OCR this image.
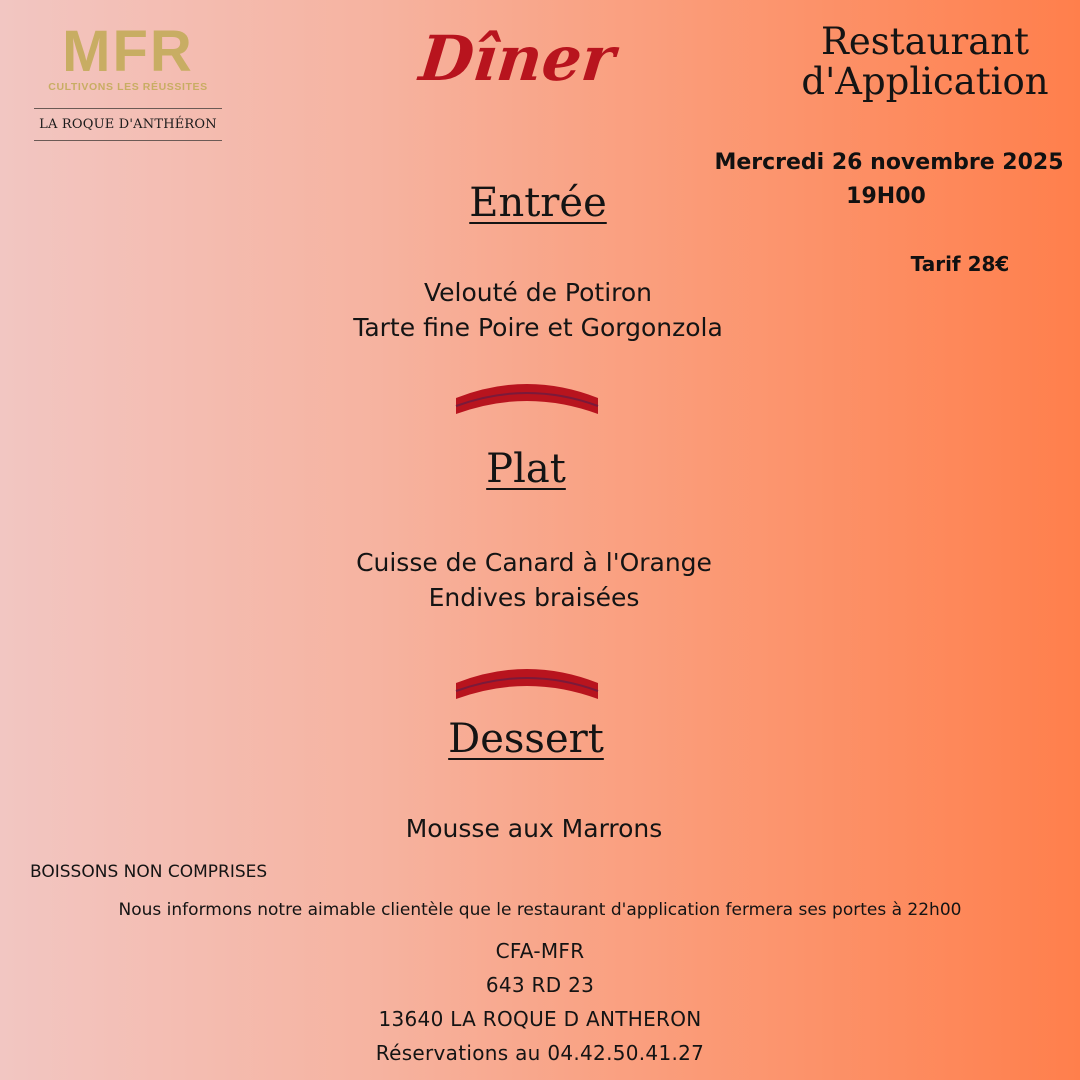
MFR
CULTIVONS LES RÉUSSITES
LA ROQUE D'ANTHÉRON
Dîner	Restaurant
d'Application
Mercredi 26 novembre 2025
19H00
Tarif 28€
Entrée
Velouté de Potiron
Tarte fine Poire et Gorgonzola
Plat
Cuisse de Canard à l'Orange
Endives braisées
Dessert
Mousse aux Marrons
BOISSONS NON COMPRISES
Nous informons notre aimable clientèle que le restaurant d'application fermera ses portes à 22h00
CFA-MFR
643 RD 23
13640 LA ROQUE D ANTHERON
Réservations au 04.42.50.41.27
